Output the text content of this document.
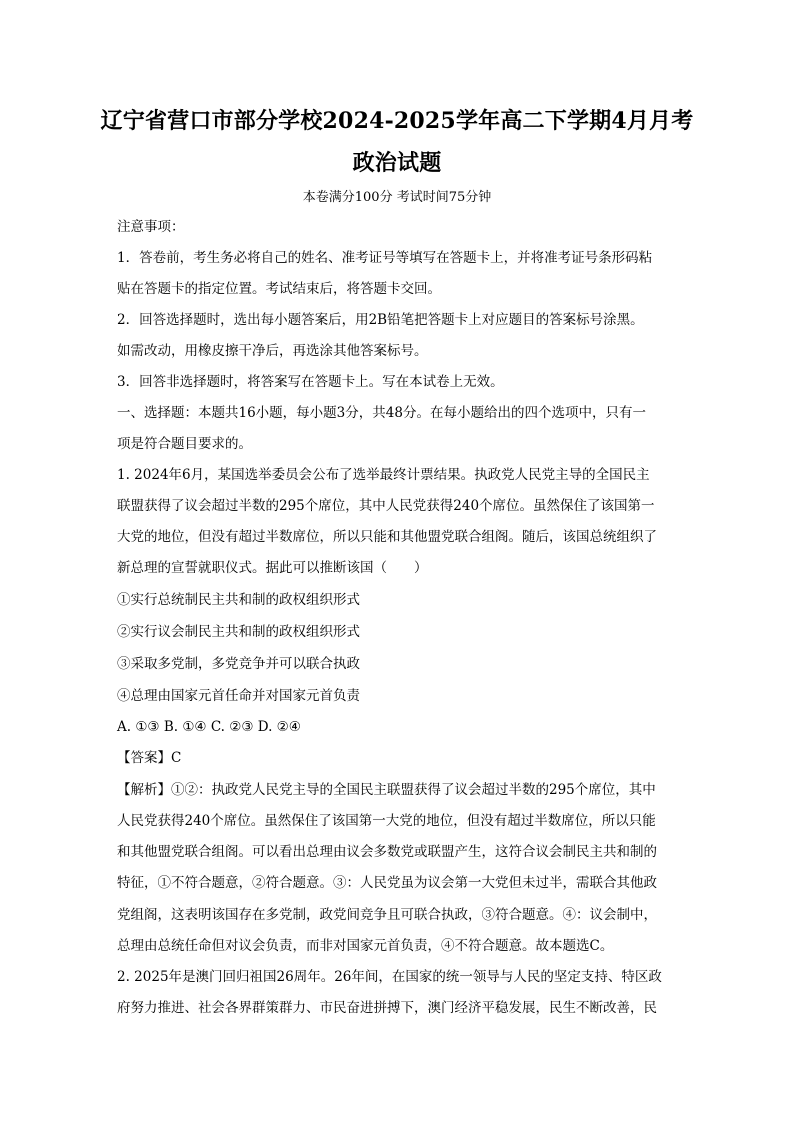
辽宁省营口市部分学校2024-2025学年高二下学期4月月考
政治试题
本卷满分100分 考试时间75分钟
注意事项：
1．答卷前，考生务必将自己的姓名、准考证号等填写在答题卡上，并将准考证号条形码粘
贴在答题卡的指定位置。考试结束后，将答题卡交回。
2．回答选择题时，选出每小题答案后，用2B铅笔把答题卡上对应题目的答案标号涂黑。
如需改动，用橡皮擦干净后，再选涂其他答案标号。
3．回答非选择题时，将答案写在答题卡上。写在本试卷上无效。
一、选择题：本题共16小题，每小题3分，共48分。在每小题给出的四个选项中，只有一
项是符合题目要求的。
1. 2024年6月，某国选举委员会公布了选举最终计票结果。执政党人民党主导的全国民主
联盟获得了议会超过半数的295个席位，其中人民党获得240个席位。虽然保住了该国第一
大党的地位，但没有超过半数席位，所以只能和其他盟党联合组阁。随后，该国总统组织了
新总理的宣誓就职仪式。据此可以推断该国（　　）
①实行总统制民主共和制的政权组织形式
②实行议会制民主共和制的政权组织形式
③采取多党制，多党竞争并可以联合执政
④总理由国家元首任命并对国家元首负责
A. ①③ B. ①④ C. ②③ D. ②④
【答案】C
【解析】①②：执政党人民党主导的全国民主联盟获得了议会超过半数的295个席位，其中
人民党获得240个席位。虽然保住了该国第一大党的地位，但没有超过半数席位，所以只能
和其他盟党联合组阁。可以看出总理由议会多数党或联盟产生，这符合议会制民主共和制的
特征，①不符合题意，②符合题意。③：人民党虽为议会第一大党但未过半，需联合其他政
党组阁，这表明该国存在多党制，政党间竞争且可联合执政，③符合题意。④：议会制中，
总理由总统任命但对议会负责，而非对国家元首负责，④不符合题意。故本题选C。
2. 2025年是澳门回归祖国26周年。26年间，在国家的统一领导与人民的坚定支持、特区政
府努力推进、社会各界群策群力、市民奋进拼搏下，澳门经济平稳发展，民生不断改善，民
